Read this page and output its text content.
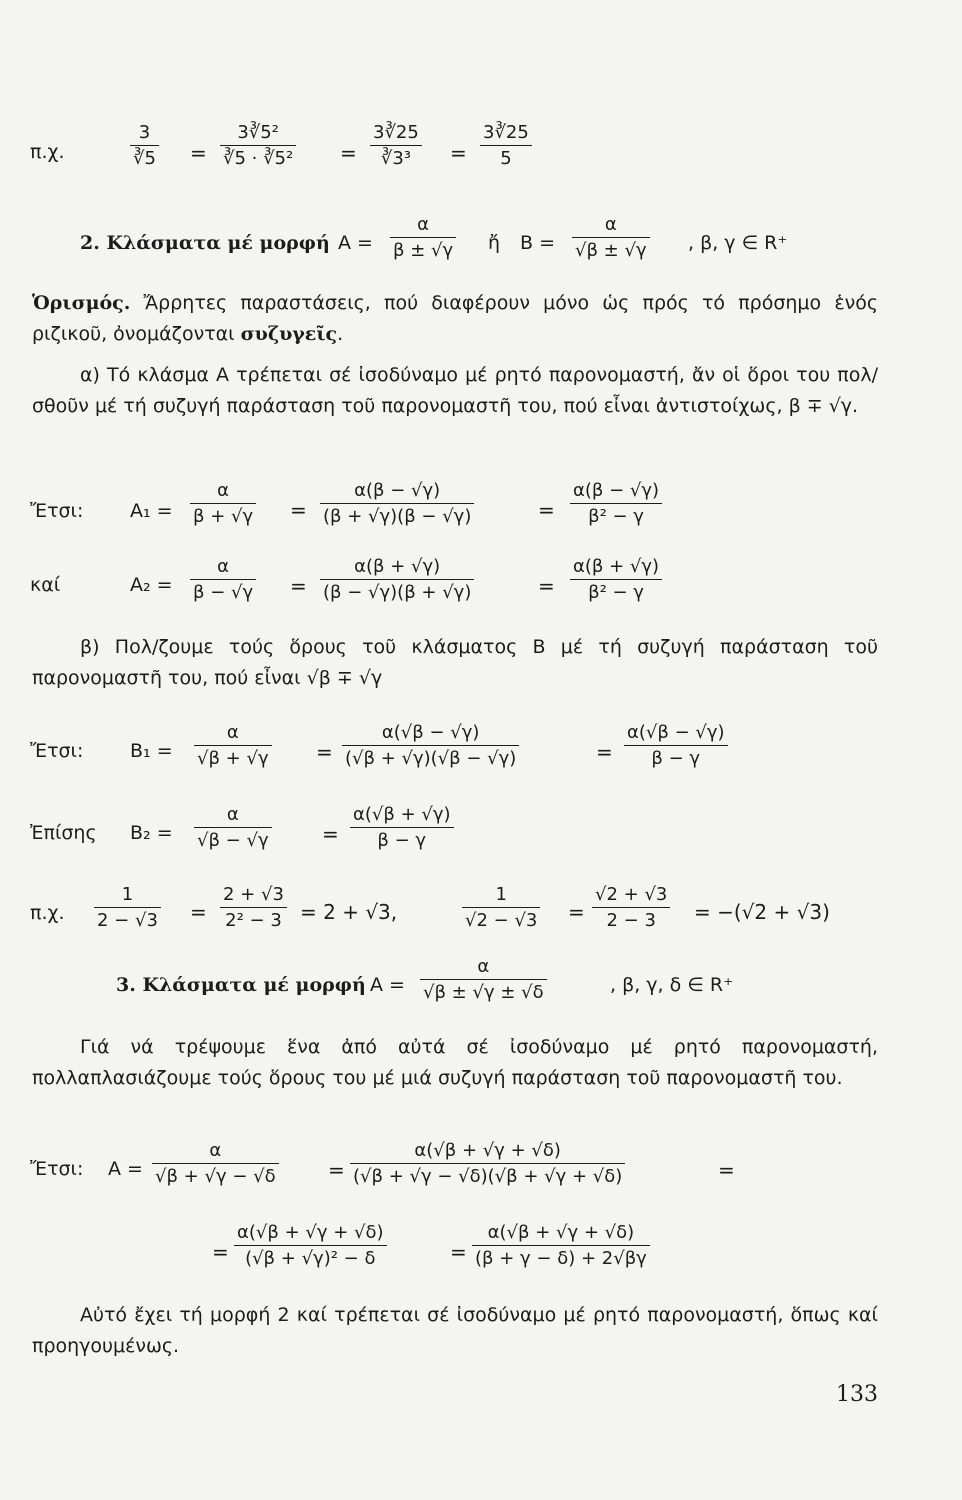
π.χ.	$\frac{3}{∛5} = \frac{\text{3∛5²}}{\text{∛5 · ∛5²}} = \frac{3∛25}{\text{∛3³}} = \frac{3∛25}{5}$
2. Κλάσματα μέ μορφή $A = \frac{\alpha}{\beta \pm √\gamma}$ ἤ $B = \frac{\alpha}{√\beta \pm √\gamma}$ , β, γ ∈ R⁺
Ὁρισμός. Ἄρρητες παραστάσεις, πού διαφέρουν μόνο ὡς πρός τό πρόσημο ἑνός ριζικοῦ, ὀνομάζονται συζυγεῖς.
α) Τό κλάσμα A τρέπεται σέ ἰσοδύναμο μέ ρητό παρονομαστή, ἄν οἱ ὅροι του πολ/σθοῦν μέ τή συζυγή παράσταση τοῦ παρονομαστῆ του, πού εἶναι ἀντιστοίχως, β ∓ √γ.
Ἔτσι: $A_1 = \frac{\alpha}{\beta + √\gamma} = \frac{\alpha(\beta - √\gamma)}{(\beta + √\gamma)(\beta - √\gamma)}$	= $\frac{\alpha(\beta - √\gamma)}{\text{β² − γ}}$
καί	$A_2 = \frac{\alpha}{\beta - √\gamma} = \frac{\alpha(\beta + √\gamma)}{(\beta - √\gamma)(\beta + √\gamma)}$	= $\frac{\alpha(\beta + √\gamma)}{\text{β² − γ}}$
β) Πολ/ζουμε τούς ὅρους τοῦ κλάσματος B μέ τή συζυγή παράσταση τοῦ παρονομαστῆ του, πού εἶναι √β ∓ √γ
Ἔτσι: $B_1 = \frac{\alpha}{√\beta + √\gamma} = \frac{\alpha(√\beta - √\gamma)}{(√\beta + √\gamma)(√\beta - √\gamma)}$	= $\frac{\alpha(√\beta - √\gamma)}{\beta - \gamma}$
Ἐπίσης $B_2 = \frac{\alpha}{√\beta - √\gamma}$	= $\frac{\alpha(√\beta + √\gamma)}{\beta - \gamma}$
π.χ. $\frac{1}{2 - √3} = \frac{2 + √3}{\text{2² − 3}} = 2 + √3$,	$\frac{1}{√2 - √3} = \frac{√2 + √3}{2 - 3} = -(√2 + √3)$
3. Κλάσματα μέ μορφή $A = \frac{\alpha}{√\beta \pm √\gamma \pm √\delta}$	, β, γ, δ ∈ R⁺
Γιά νά τρέψουμε ἕνα ἀπό αὐτά σέ ἰσοδύναμο μέ ρητό παρονομαστή, πολλαπλασιάζουμε τούς ὅρους του μέ μιά συζυγή παράσταση τοῦ παρονομαστῆ του.
Ἔτσι: $A = \frac{\alpha}{√\beta + √\gamma - √\delta} = \frac{\alpha(√\beta + √\gamma + √\delta)}{(√\beta + √\gamma - √\delta)(√\beta + √\gamma + √\delta)}$	=
= $\frac{\alpha(√\beta + √\gamma + √\delta)}{\text{(√β + √γ)² − δ}}$	= $\frac{\alpha(√\beta + √\gamma + √\delta)}{(\beta + \gamma - \delta) + 2√\beta\gamma}$
Αὐτό ἔχει τή μορφή 2 καί τρέπεται σέ ἰσοδύναμο μέ ρητό παρονομαστή, ὅπως καί προηγουμένως.
133
